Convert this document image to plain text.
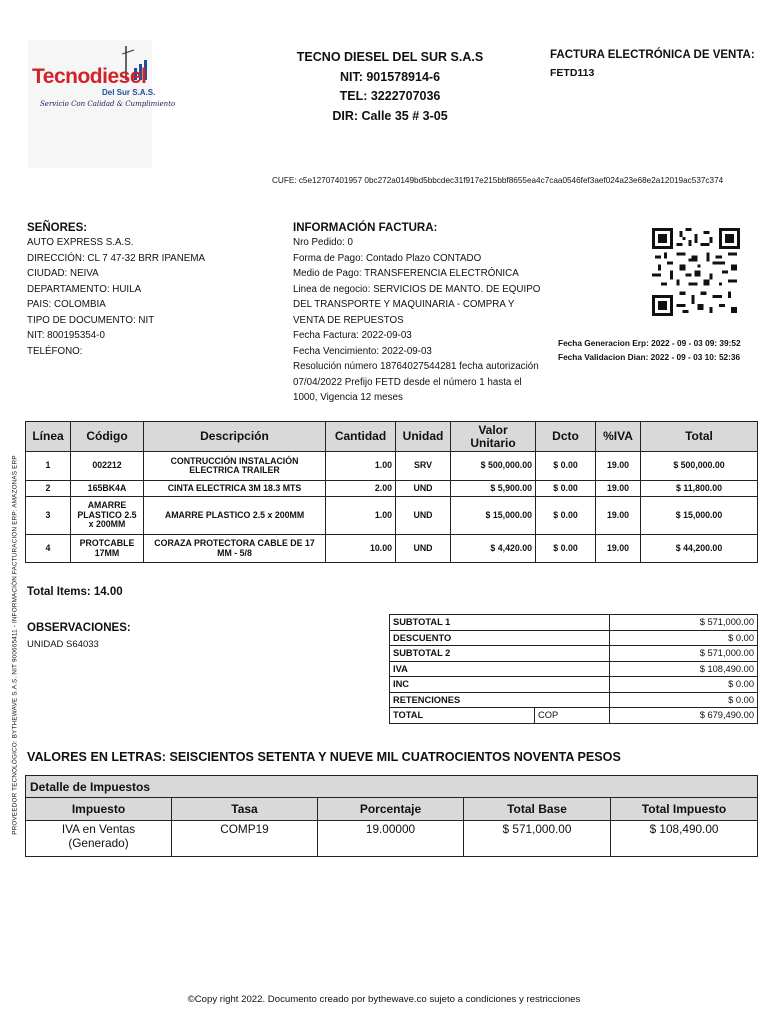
Tecnodiesel
Del Sur S.A.S.
Servicio Con Calidad & Cumplimiento
TECNO DIESEL DEL SUR S.A.S
NIT: 901578914-6
TEL: 3222707036
DIR: Calle 35 # 3-05
FACTURA ELECTRÓNICA DE VENTA:
FETD113
CUFE: c5e12707401957 0bc272a0149bd5bbcdec31f917e215bbf8655ea4c7caa0546fef3aef024a23e68e2a12019ac537c374
SEÑORES:
AUTO EXPRESS S.A.S.
DIRECCIÓN: CL 7 47-32 BRR IPANEMA
CIUDAD: NEIVA
DEPARTAMENTO: HUILA
PAIS: COLOMBIA
TIPO DE DOCUMENTO: NIT
NIT: 800195354-0
TELÉFONO:
INFORMACIÓN FACTURA:
Nro Pedido: 0
Forma de Pago: Contado Plazo CONTADO
Medio de Pago: TRANSFERENCIA ELECTRÓNICA
Linea de negocio: SERVICIOS DE MANTO. DE EQUIPO
DEL TRANSPORTE Y MAQUINARIA - COMPRA Y
VENTA DE REPUESTOS
Fecha Factura: 2022-09-03
Fecha Vencimiento: 2022-09-03
Resolución número 18764027544281 fecha autorización
07/04/2022 Prefijo FETD desde el número 1 hasta el
1000, Vigencia 12 meses
Fecha Generacion Erp: 2022 - 09 - 03 09: 39:52
Fecha Validacion Dian: 2022 - 09 - 03 10: 52:36
PROVEEDOR TECNOLÓGICO: BYTHEWAVE S.A.S. NIT 900665411 - INFORMACIÓN FACTURACION ERP: AMAZONAS ERP
Línea	Código	Descripción	Cantidad	Unidad	Valor Unitario	Dcto	%IVA	Total
1	002212	CONTRUCCIÓN INSTALACIÓN ELECTRICA TRAILER	1.00	SRV	$ 500,000.00	$ 0.00	19.00	$ 500,000.00
2	165BK4A	CINTA ELECTRICA 3M 18.3 MTS	2.00	UND	$ 5,900.00	$ 0.00	19.00	$ 11,800.00
3	AMARRE PLASTICO 2.5 x 200MM	AMARRE PLASTICO 2.5 x 200MM	1.00	UND	$ 15,000.00	$ 0.00	19.00	$ 15,000.00
4	PROTCABLE 17MM	CORAZA PROTECTORA CABLE DE 17 MM - 5/8	10.00	UND	$ 4,420.00	$ 0.00	19.00	$ 44,200.00
Total Items: 14.00
OBSERVACIONES:
UNIDAD S64033
SUBTOTAL 1		$ 571,000.00
DESCUENTO		$ 0.00
SUBTOTAL 2		$ 571,000.00
IVA		$ 108,490.00
INC		$ 0.00
RETENCIONES		$ 0.00
TOTAL	COP	$ 679,490.00
VALORES EN LETRAS: SEISCIENTOS SETENTA Y NUEVE MIL CUATROCIENTOS NOVENTA PESOS
Detalle de Impuestos				
Impuesto	Tasa	Porcentaje	Total Base	Total Impuesto
IVA en Ventas (Generado)	COMP19	19.00000	$ 571,000.00	$ 108,490.00
©Copy right 2022. Documento creado por bythewave.co sujeto a condiciones y restricciones
